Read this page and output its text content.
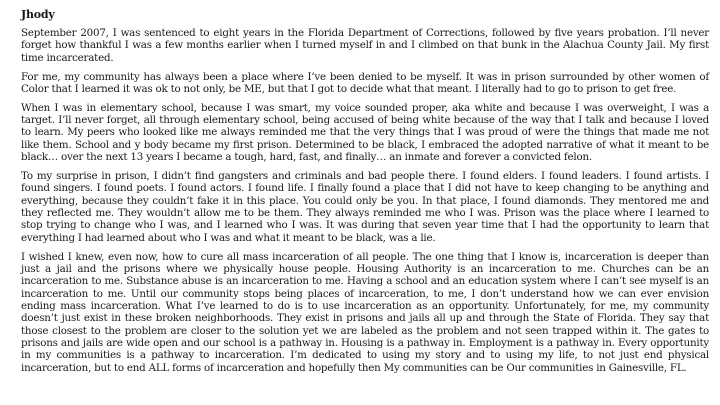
Jhody

September 2007, I was sentenced to eight years in the Florida Department of Corrections, followed by five years probation. I’ll never forget how thankful I was a few months earlier when I turned myself in and I climbed on that bunk in the Alachua County Jail. My first time incarcerated.

For me, my community has always been a place where I’ve been denied to be myself. It was in prison surrounded by other women of Color that I learned it was ok to not only, be ME, but that I got to decide what that meant. I literally had to go to prison to get free.

When I was in elementary school, because I was smart, my voice sounded proper, aka white and because I was overweight, I was a target. I’ll never forget, all through elementary school, being accused of being white because of the way that I talk and because I loved to learn. My peers who looked like me always reminded me that the very things that I was proud of were the things that made me not like them. School and y body became my first prison. Determined to be black, I embraced the adopted narrative of what it meant to be black… over the next 13 years I became a tough, hard, fast, and finally… an inmate and forever a convicted felon.

To my surprise in prison, I didn’t find gangsters and criminals and bad people there. I found elders. I found leaders. I found artists. I found singers. I found poets. I found actors. I found life. I finally found a place that I did not have to keep changing to be anything and everything, because they couldn’t fake it in this place. You could only be you. In that place, I found diamonds. They mentored me and they reflected me. They wouldn’t allow me to be them. They always reminded me who I was. Prison was the place where I learned to stop trying to change who I was, and I learned who I was. It was during that seven year time that I had the opportunity to learn that everything I had learned about who I was and what it meant to be black, was a lie.

I wished I knew, even now, how to cure all mass incarceration of all people. The one thing that I know is, incarceration is deeper than just a jail and the prisons where we physically house people. Housing Authority is an incarceration to me. Churches can be an incarceration to me. Substance abuse is an incarceration to me. Having a school and an education system where I can’t see myself is an incarceration to me. Until our community stops being places of incarceration, to me, I don’t understand how we can ever envision ending mass incarceration. What I’ve learned to do is to use incarceration as an opportunity. Unfortunately, for me, my community doesn’t just exist in these broken neighborhoods. They exist in prisons and jails all up and through the State of Florida. They say that those closest to the problem are closer to the solution yet we are labeled as the problem and not seen trapped within it. The gates to prisons and jails are wide open and our school is a pathway in. Housing is a pathway in. Employment is a pathway in. Every opportunity in my communities is a pathway to incarceration. I’m dedicated to using my story and to using my life, to not just end physical incarceration, but to end ALL forms of incarceration and hopefully then My communities can be Our communities in Gainesville, FL.
